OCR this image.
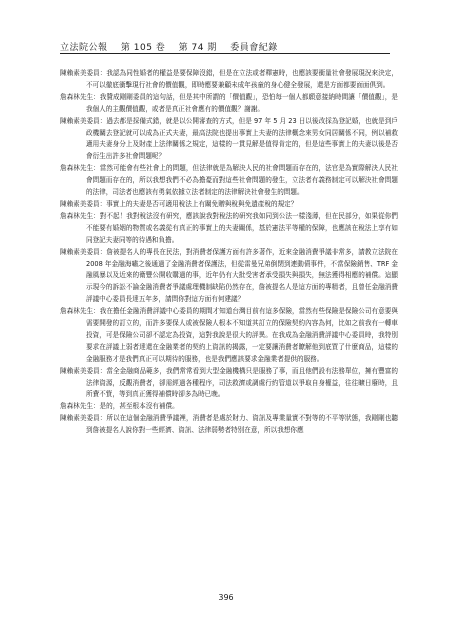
立法院公報 第 105 卷 第 74 期 委員會紀錄

陳賴素美委員：我認為同性婚者的權益是要保障沒錯，但是在立法或者釋憲時，也應該要衝量社會發展現況來決定，不可以徹底衝擊現行社會的價值觀，即時應要兼顧未成年孩童的身心健全發展，還是方面都要面面俱到。

詹森林先生：我贊成剛剛委員的這句話，但是其中所謂的「價值觀」，恐怕每一個人都願意接納時間讓「價值觀」，是我個人的主觀價值觀，或者是真正社會應有的價值觀？謝謝。

陳賴素美委員：過去都是採備式錯，就是以公開審查的方式，但是 97 年 5 月 23 日以後改採為登記婚，也就是到戶政機關去登記就可以成為正式夫妻，最高法院也提出事實上夫妻的法律概念來男女同居關係不同，例以補救適用夫妻身分上及財產上法律關係之規定，這樣的一貫見解是值得肯定的，但是這些事實上的夫妻以後是否會衍生出許多社會問題呢？

詹森林先生：當然可能會有些社會上的問題，但法律就是為解決人民的社會問題而存在的，法官是為實際解決人民社會問題而存在的，所以我想我們不必為擔憂而對這些社會問題的發生，立法者有義務制定可以解決社會問題的法律，司法者也應該有勇氣依據立法者制定的法律解決社會發生的問題。

陳賴素美委員：事實上的夫妻是否可適用稅法上有關免贈與稅與免遺產稅的規定？

詹森林先生：對不起！我對稅法沒有研究，應該說我對稅法的研究我如同到公法一樣淺薄，但在民部分，如果從你們不能要有婚姻的物質或名義從有真正的事實上的夫妻關係，基於憲法平等權的保障，也應該在稅法上享有如同登記夫妻同等的待遇和負擔。

陳賴素美委員：詹被提名人的專長在民法，對消費者保護方面有許多著作，近來金融消費爭議非常多，請教立法院在 2008 年金融海嘯之後通過了金融消費者保護法，但從雷曼兄弟倒閉到連動債事件，不當保險銷售、TRF 金融風暴以及近來的衛豐公開收購過的事，近年仍有大批受害者承受損失與損失，無法獲得相應的補償。這顯示現今的訴訟不論金融消費者爭議處理機制缺陷仍然存在，詹被提名人是這方面的專精者，且曾任金融消費評議中心委員長達五年多，請問你對這方面有何建議？

詹森林先生：我在擔任金融消費評議中心委員的期間才知道台灣目前有這多保險，當然有些保險是保險公司有意要與需要開發的訂立的，而許多要保人或被保險人根本不知道其訂立的保險契約內容為何，比如之前我有一轉車投資，可是保險公司卻不認定為投資，這對我說是很大的評異。在我成為金融消費評議中心委員時，我特別要求在評議上弱者達還在金融業者的契約上資訊的揭露，一定要讓消費者瞭解他到底買了什麼商品，這樣的金融服務才是我們真正可以期待的服務，也是我們應該要求金融業者提供的服務。

陳賴素美委員：當全金融商品範多，我們常常看到大型金融機構只是服務了事，而且他們設有法務單位，擁有豐富的法律資源，反觀消費者，卻需經過各種程序，司法救濟或調處行約管道以爭取自身權益，往往曠日廢時，且所費不貲，等到真正獲得補償時卻多為時已晚。

詹森林先生：是的，甚至根本沒有補償。

陳賴素美委員：所以在這個金融消費爭議裡，消費者是處於財力、資訊及專業量實不對等的不平等狀態，我剛剛也聽到詹被提名人說你對一些經濟、資訊、法律弱勢者特別在意，所以我想你應

396
